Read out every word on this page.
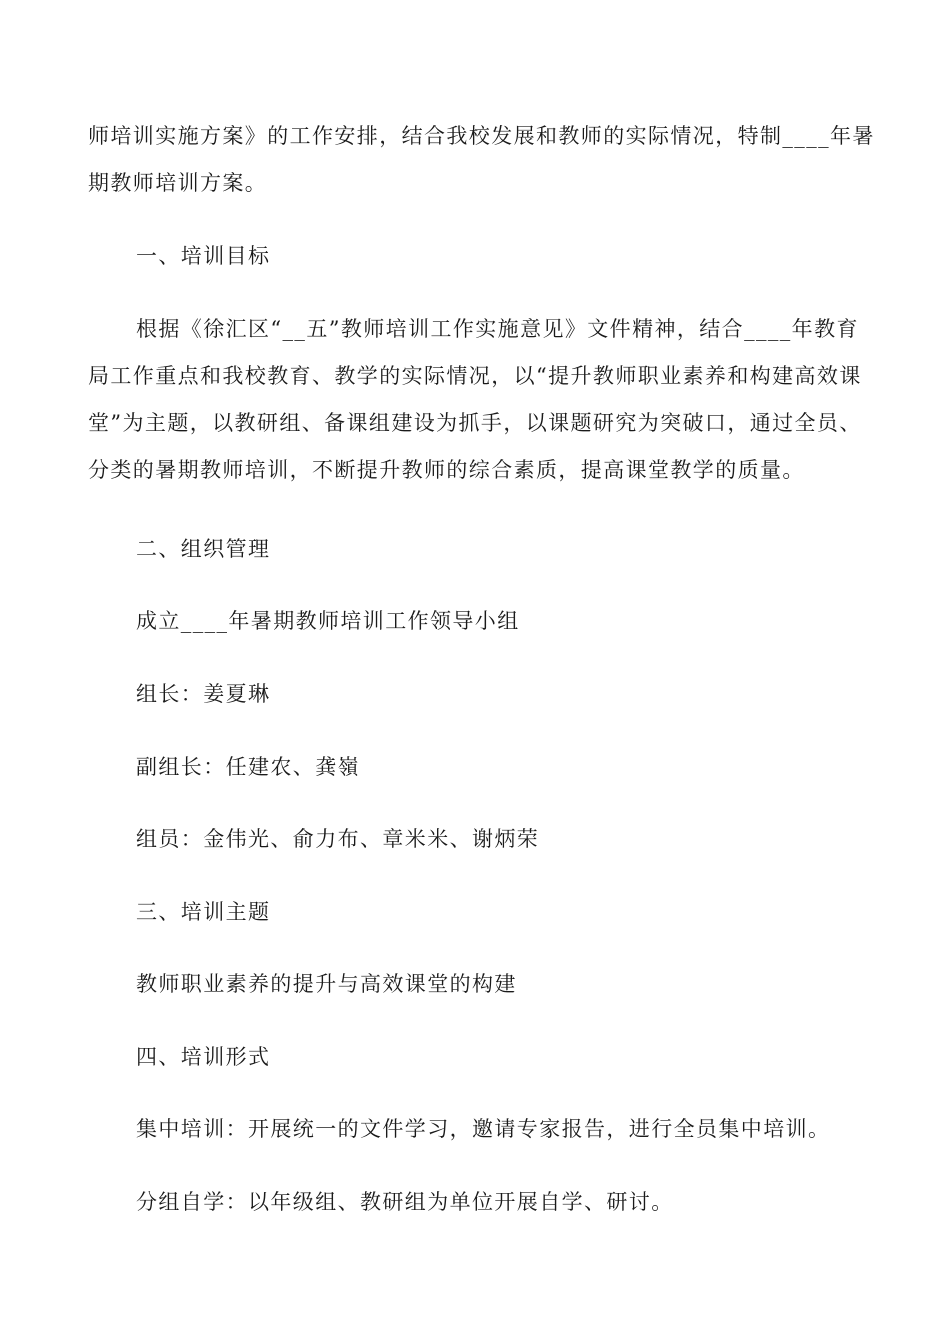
师培训实施方案》的工作安排，结合我校发展和教师的实际情况，特制____年暑
期教师培训方案。

一、培训目标

根据《徐汇区“__五”教师培训工作实施意见》文件精神，结合____年教育
局工作重点和我校教育、教学的实际情况，以“提升教师职业素养和构建高效课
堂”为主题，以教研组、备课组建设为抓手，以课题研究为突破口，通过全员、
分类的暑期教师培训，不断提升教师的综合素质，提高课堂教学的质量。

二、组织管理

成立____年暑期教师培训工作领导小组

组长：姜夏琳

副组长：任建农、龚嶺

组员：金伟光、俞力布、章米米、谢炳荣

三、培训主题

教师职业素养的提升与高效课堂的构建

四、培训形式

集中培训：开展统一的文件学习，邀请专家报告，进行全员集中培训。

分组自学：以年级组、教研组为单位开展自学、研讨。
